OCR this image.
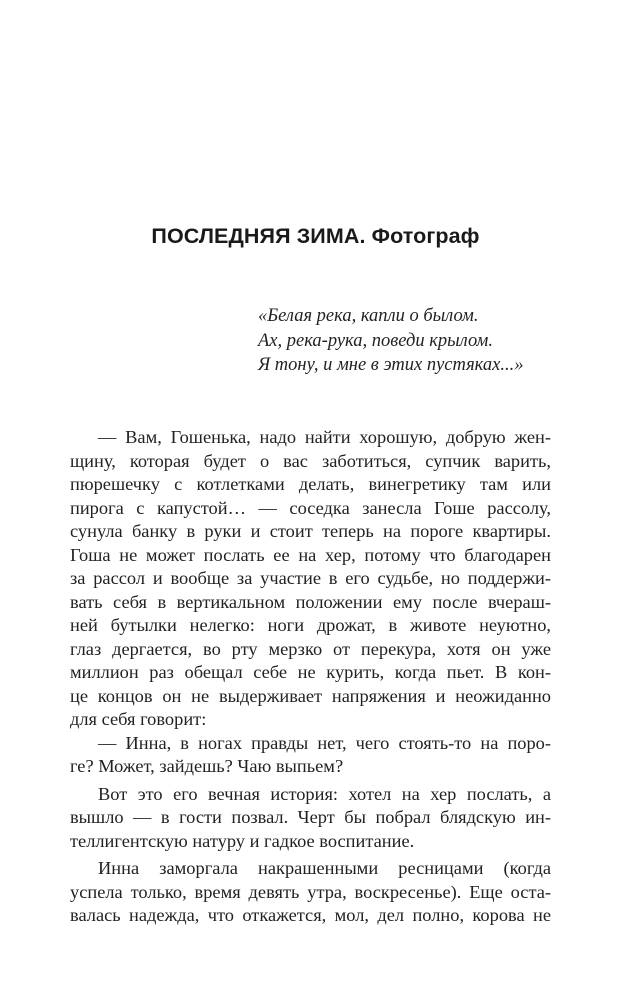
ПОСЛЕДНЯЯ ЗИМА. Фотограф
«Белая река, капли о былом.
Ах, река-рука, поведи крылом.
Я тону, и мне в этих пустяках...»
— Вам, Гошенька, надо найти хорошую, добрую жен-
щину, которая будет о вас заботиться, супчик варить,
пюрешечку с котлетками делать, винегретику там или
пирога с капустой… — соседка занесла Гоше рассолу,
сунула банку в руки и стоит теперь на пороге квартиры.
Гоша не может послать ее на хер, потому что благодарен
за рассол и вообще за участие в его судьбе, но поддержи-
вать себя в вертикальном положении ему после вчераш-
ней бутылки нелегко: ноги дрожат, в животе неуютно,
глаз дергается, во рту мерзко от перекура, хотя он уже
миллион раз обещал себе не курить, когда пьет. В кон-
це концов он не выдерживает напряжения и неожиданно
для себя говорит:
— Инна, в ногах правды нет, чего стоять-то на поро-
ге? Может, зайдешь? Чаю выпьем?
Вот это его вечная история: хотел на хер послать, а
вышло — в гости позвал. Черт бы побрал блядскую ин-
теллигентскую натуру и гадкое воспитание.
Инна заморгала накрашенными ресницами (когда
успела только, время девять утра, воскресенье). Еще оста-
валась надежда, что откажется, мол, дел полно, корова не
